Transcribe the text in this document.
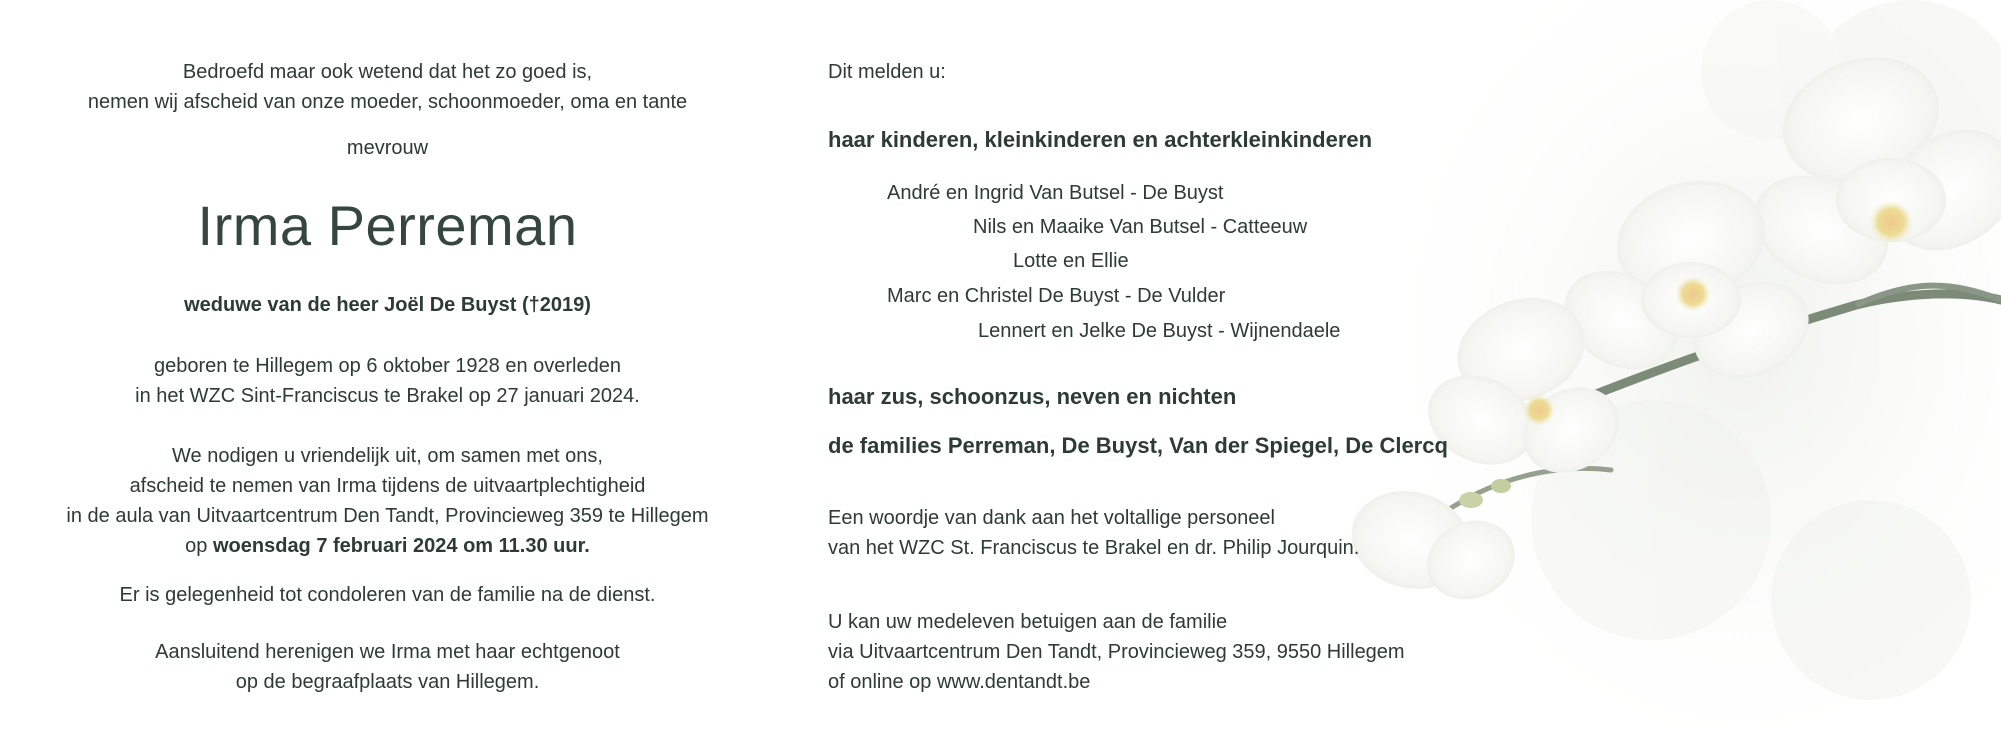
Bedroefd maar ook wetend dat het zo goed is,
nemen wij afscheid van onze moeder, schoonmoeder, oma en tante
mevrouw
Irma Perreman
weduwe van de heer Joël De Buyst (†2019)
geboren te Hillegem op 6 oktober 1928 en overleden
in het WZC Sint-Franciscus te Brakel op 27 januari 2024.
We nodigen u vriendelijk uit, om samen met ons,
afscheid te nemen van Irma tijdens de uitvaartplechtigheid
in de aula van Uitvaartcentrum Den Tandt, Provincieweg 359 te Hillegem
op woensdag 7 februari 2024 om 11.30 uur.
Er is gelegenheid tot condoleren van de familie na de dienst.
Aansluitend herenigen we Irma met haar echtgenoot
op de begraafplaats van Hillegem.
Dit melden u:
haar kinderen, kleinkinderen en achterkleinkinderen
André en Ingrid Van Butsel - De Buyst
Nils en Maaike Van Butsel - Catteeuw
Lotte en Ellie
Marc en Christel De Buyst - De Vulder
Lennert en Jelke De Buyst - Wijnendaele
haar zus, schoonzus, neven en nichten
de families Perreman, De Buyst, Van der Spiegel, De Clercq
Een woordje van dank aan het voltallige personeel
van het WZC St. Franciscus te Brakel en dr. Philip Jourquin.
U kan uw medeleven betuigen aan de familie
via Uitvaartcentrum Den Tandt, Provincieweg 359, 9550 Hillegem
of online op www.dentandt.be
